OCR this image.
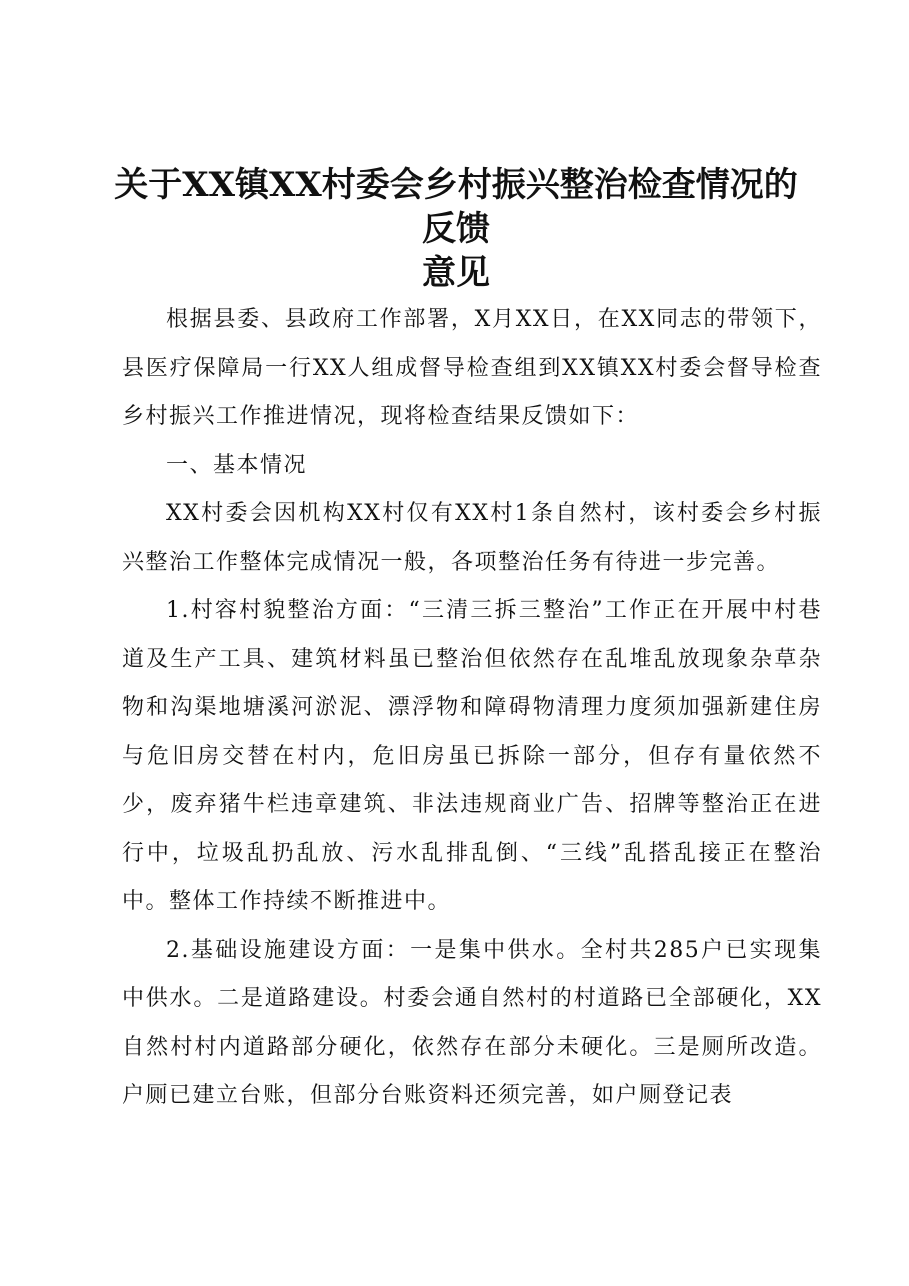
关于XX镇XX村委会乡村振兴整治检查情况的反馈
意见

根据县委、县政府工作部署，X月XX日，在XX同志的带领下，县医疗保障局一行XX人组成督导检查组到XX镇XX村委会督导检查乡村振兴工作推进情况，现将检查结果反馈如下：

一、基本情况

XX村委会因机构XX村仅有XX村1条自然村，该村委会乡村振兴整治工作整体完成情况一般，各项整治任务有待进一步完善。

1.村容村貌整治方面：“三清三拆三整治”工作正在开展中村巷道及生产工具、建筑材料虽已整治但依然存在乱堆乱放现象杂草杂物和沟渠地塘溪河淤泥、漂浮物和障碍物清理力度须加强新建住房与危旧房交替在村内，危旧房虽已拆除一部分，但存有量依然不少，废弃猪牛栏违章建筑、非法违规商业广告、招牌等整治正在进行中，垃圾乱扔乱放、污水乱排乱倒、“三线”乱搭乱接正在整治中。整体工作持续不断推进中。

2.基础设施建设方面：一是集中供水。全村共285户已实现集中供水。二是道路建设。村委会通自然村的村道路已全部硬化，XX自然村村内道路部分硬化，依然存在部分未硬化。三是厕所改造。户厕已建立台账，但部分台账资料还须完善，如户厕登记表
